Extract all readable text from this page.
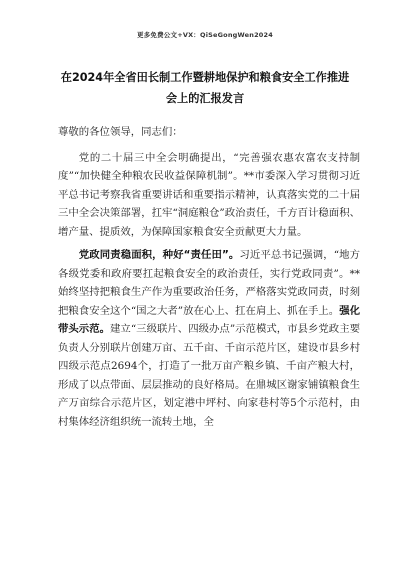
更多免费公文+VX：QiSeGongWen2024
在2024年全省田长制工作暨耕地保护和粮食安全工作推进会上的汇报发言

尊敬的各位领导，同志们：

党的二十届三中全会明确提出，“完善强农惠农富农支持制度”“加快健全种粮农民收益保障机制”。**市委深入学习贯彻习近平总书记考察我省重要讲话和重要指示精神，认真落实党的二十届三中全会决策部署，扛牢“洞庭粮仓”政治责任，千方百计稳面积、增产量、提质效，为保障国家粮食安全贡献更大力量。

党政同责稳面积，种好“责任田”。习近平总书记强调，“地方各级党委和政府要扛起粮食安全的政治责任，实行党政同责”。**始终坚持把粮食生产作为重要政治任务，严格落实党政同责，时刻把粮食安全这个“国之大者”放在心上、扛在肩上、抓在手上。强化带头示范。建立“三级联片、四级办点”示范模式，市县乡党政主要负责人分别联片创建万亩、五千亩、千亩示范片区，建设市县乡村四级示范点2694个，打造了一批万亩产粮乡镇、千亩产粮大村，形成了以点带面、层层推动的良好格局。在鼎城区谢家铺镇粮食生产万亩综合示范片区，划定港中坪村、向家巷村等5个示范村，由村集体经济组织统一流转土地，全
